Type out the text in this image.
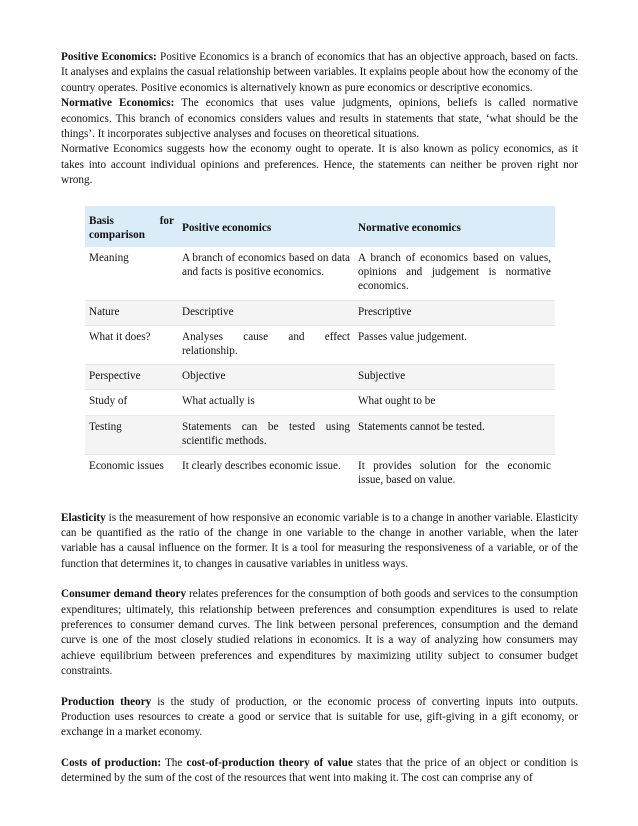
Positive Economics: Positive Economics is a branch of economics that has an objective approach, based on facts. It analyses and explains the casual relationship between variables. It explains people about how the economy of the country operates. Positive economics is alternatively known as pure economics or descriptive economics.

Normative Economics: The economics that uses value judgments, opinions, beliefs is called normative economics. This branch of economics considers values and results in statements that state, ‘what should be the things’. It incorporates subjective analyses and focuses on theoretical situations.

Normative Economics suggests how the economy ought to operate. It is also known as policy economics, as it takes into account individual opinions and preferences. Hence, the statements can neither be proven right nor wrong.

Basis for
comparison	Positive economics	Normative economics
Meaning	A branch of economics based on data and facts is positive economics.	A branch of economics based on values, opinions and judgement is normative economics.
Nature	Descriptive	Prescriptive
What it does?	Analyses cause and effect relationship.	Passes value judgement.
Perspective	Objective	Subjective
Study of	What actually is	What ought to be
Testing	Statements can be tested using scientific methods.	Statements cannot be tested.
Economic issues	It clearly describes economic issue.	It provides solution for the economic issue, based on value.

Elasticity is the measurement of how responsive an economic variable is to a change in another variable. Elasticity can be quantified as the ratio of the change in one variable to the change in another variable, when the later variable has a causal influence on the former. It is a tool for measuring the responsiveness of a variable, or of the function that determines it, to changes in causative variables in unitless ways.

Consumer demand theory relates preferences for the consumption of both goods and services to the consumption expenditures; ultimately, this relationship between preferences and consumption expenditures is used to relate preferences to consumer demand curves. The link between personal preferences, consumption and the demand curve is one of the most closely studied relations in economics. It is a way of analyzing how consumers may achieve equilibrium between preferences and expenditures by maximizing utility subject to consumer budget constraints.

Production theory is the study of production, or the economic process of converting inputs into outputs. Production uses resources to create a good or service that is suitable for use, gift-giving in a gift economy, or exchange in a market economy.

Costs of production: The cost-of-production theory of value states that the price of an object or condition is determined by the sum of the cost of the resources that went into making it. The cost can comprise any of
